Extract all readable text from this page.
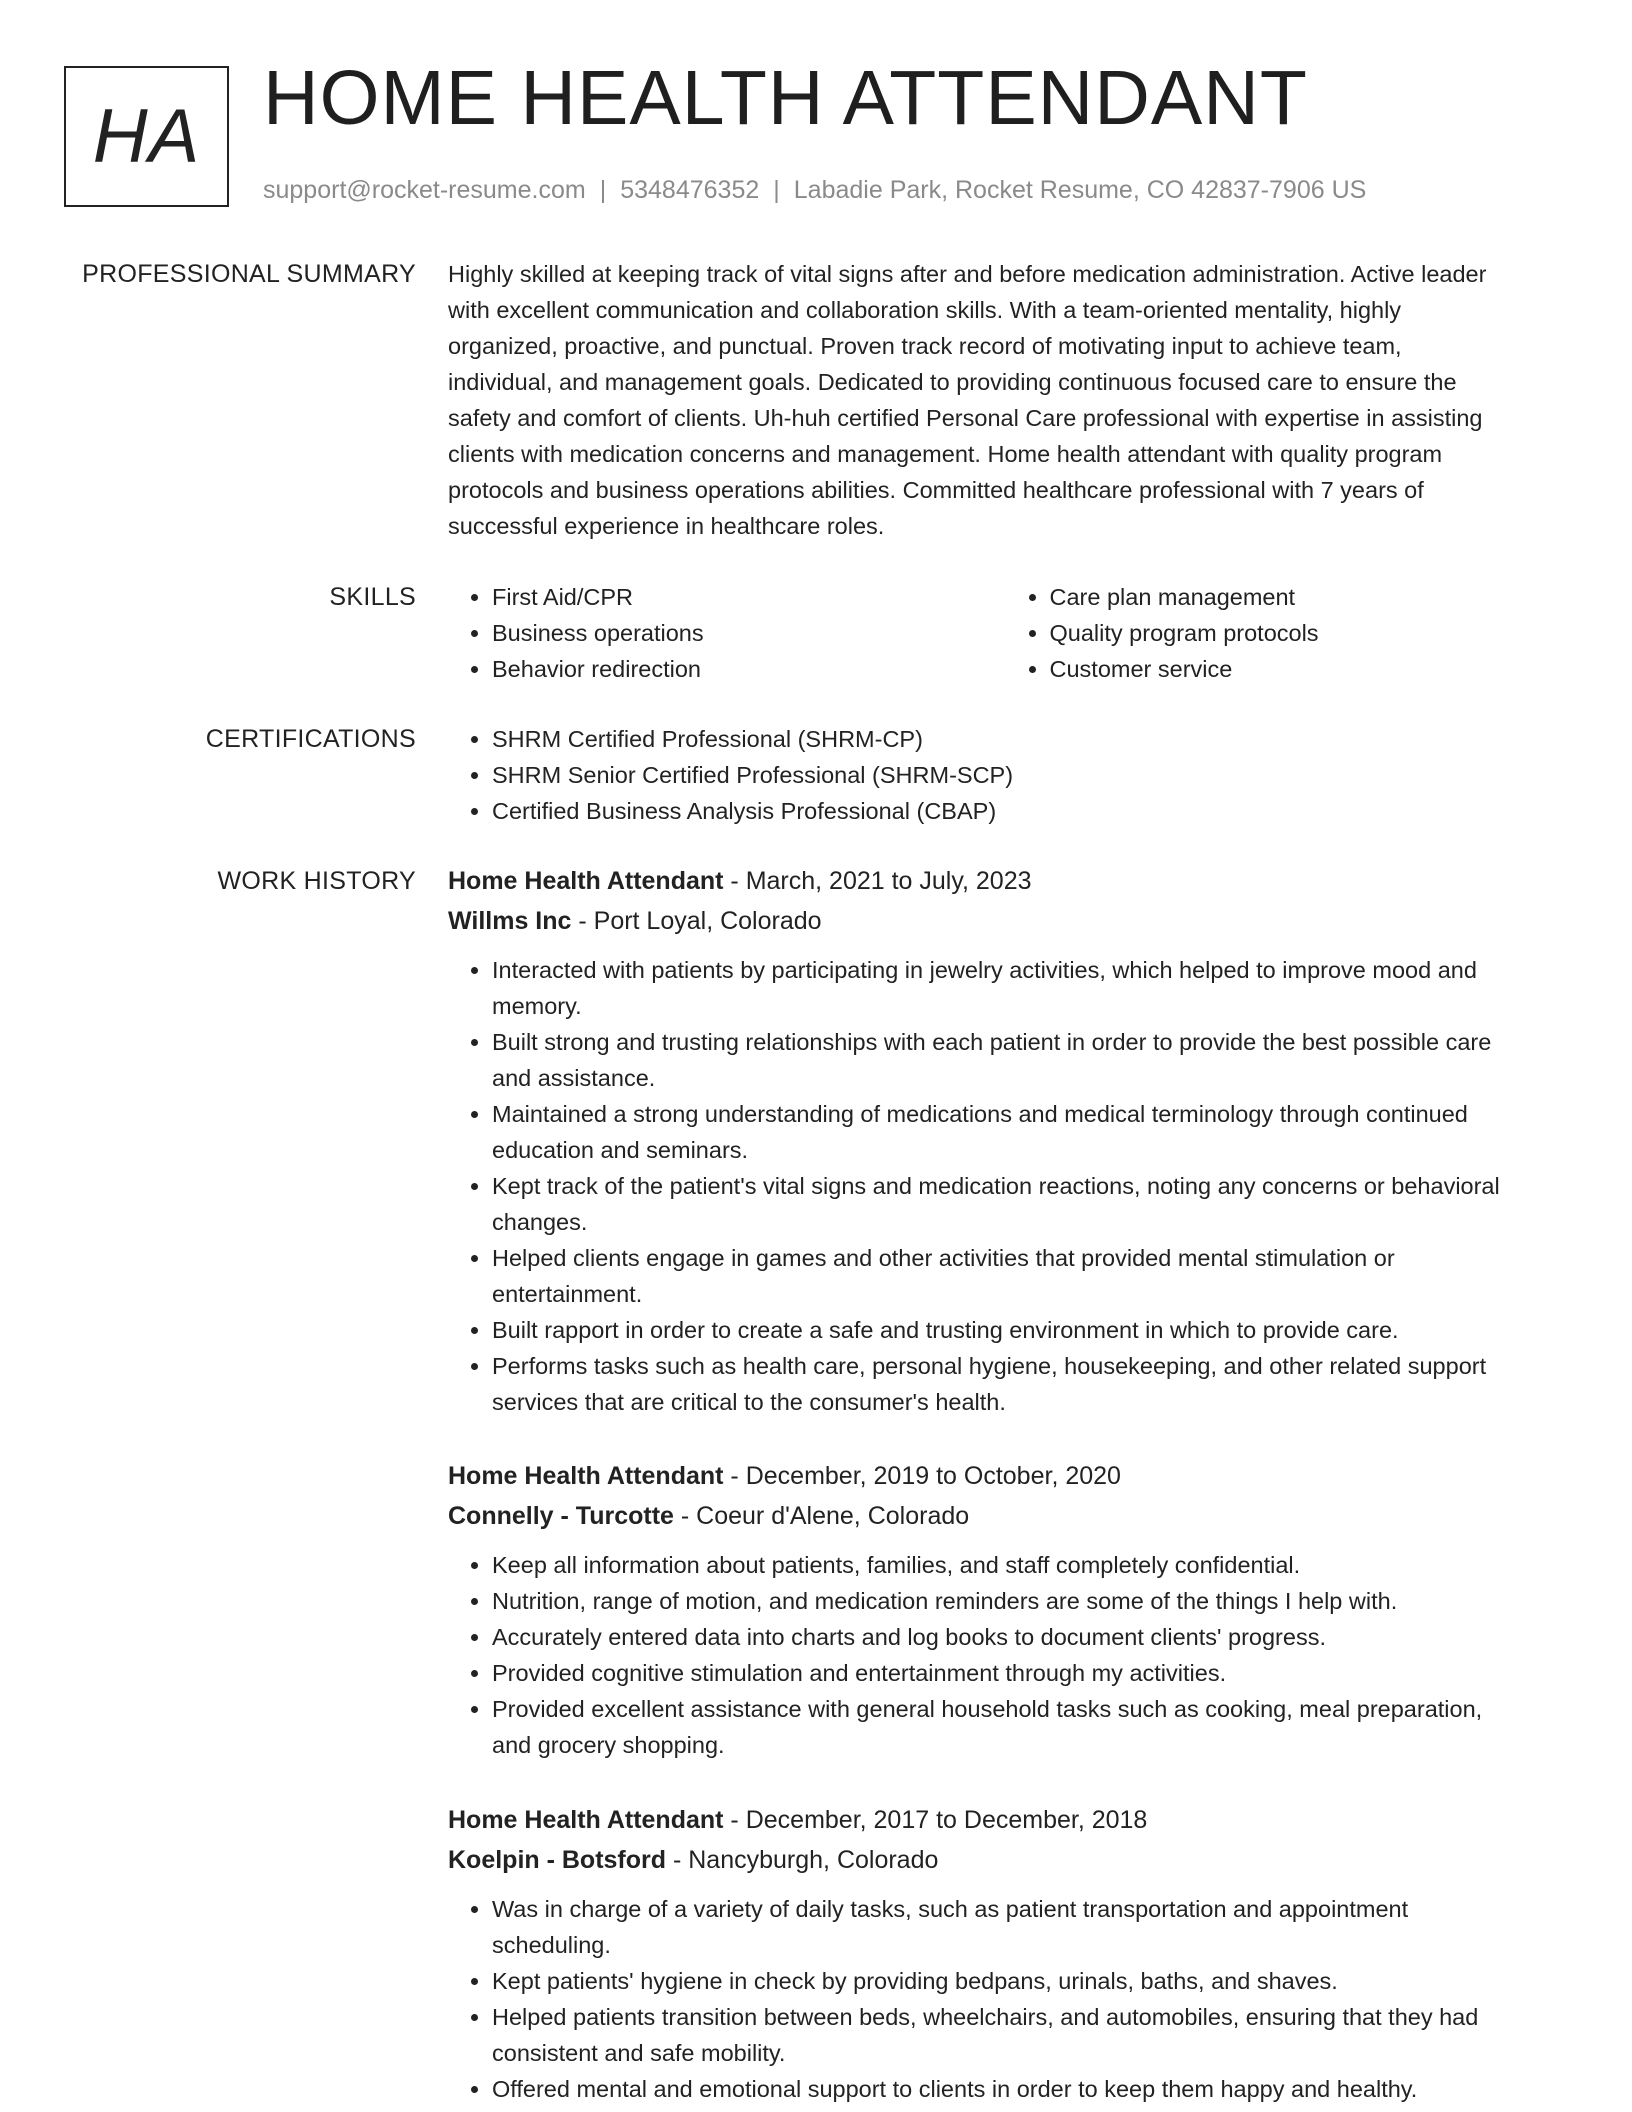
HA HOME HEALTH ATTENDANT
support@rocket-resume.com | 5348476352 | Labadie Park, Rocket Resume, CO 42837-7906 US
PROFESSIONAL SUMMARY Highly skilled at keeping track of vital signs after and before medication administration. Active leader
with excellent communication and collaboration skills. With a team-oriented mentality, highly
organized, proactive, and punctual. Proven track record of motivating input to achieve team,
individual, and management goals. Dedicated to providing continuous focused care to ensure the
safety and comfort of clients. Uh-huh certified Personal Care professional with expertise in assisting
clients with medication concerns and management. Home health attendant with quality program
protocols and business operations abilities. Committed healthcare professional with 7 years of
successful experience in healthcare roles.
SKILLS	• First Aid/CPR
• Business operations
• Behavior redirection
• Care plan management
• Quality program protocols
• Customer service
CERTIFICATIONS	• SHRM Certified Professional (SHRM-CP)
• SHRM Senior Certified Professional (SHRM-SCP)
• Certified Business Analysis Professional (CBAP)
WORK HISTORY Home Health Attendant - March, 2021 to July, 2023
Willms Inc - Port Loyal, Colorado
• Interacted with patients by participating in jewelry activities, which helped to improve mood and
memory.
• Built strong and trusting relationships with each patient in order to provide the best possible care
and assistance.
• Maintained a strong understanding of medications and medical terminology through continued
education and seminars.
• Kept track of the patient's vital signs and medication reactions, noting any concerns or behavioral
changes.
• Helped clients engage in games and other activities that provided mental stimulation or
entertainment.
• Built rapport in order to create a safe and trusting environment in which to provide care.
• Performs tasks such as health care, personal hygiene, housekeeping, and other related support
services that are critical to the consumer's health.
Home Health Attendant - December, 2019 to October, 2020
Connelly - Turcotte - Coeur d'Alene, Colorado
• Keep all information about patients, families, and staff completely confidential.
• Nutrition, range of motion, and medication reminders are some of the things I help with.
• Accurately entered data into charts and log books to document clients' progress.
• Provided cognitive stimulation and entertainment through my activities.
• Provided excellent assistance with general household tasks such as cooking, meal preparation,
and grocery shopping.
Home Health Attendant - December, 2017 to December, 2018
Koelpin - Botsford - Nancyburgh, Colorado
• Was in charge of a variety of daily tasks, such as patient transportation and appointment
scheduling.
• Kept patients' hygiene in check by providing bedpans, urinals, baths, and shaves.
• Helped patients transition between beds, wheelchairs, and automobiles, ensuring that they had
consistent and safe mobility.
• Offered mental and emotional support to clients in order to keep them happy and healthy.
